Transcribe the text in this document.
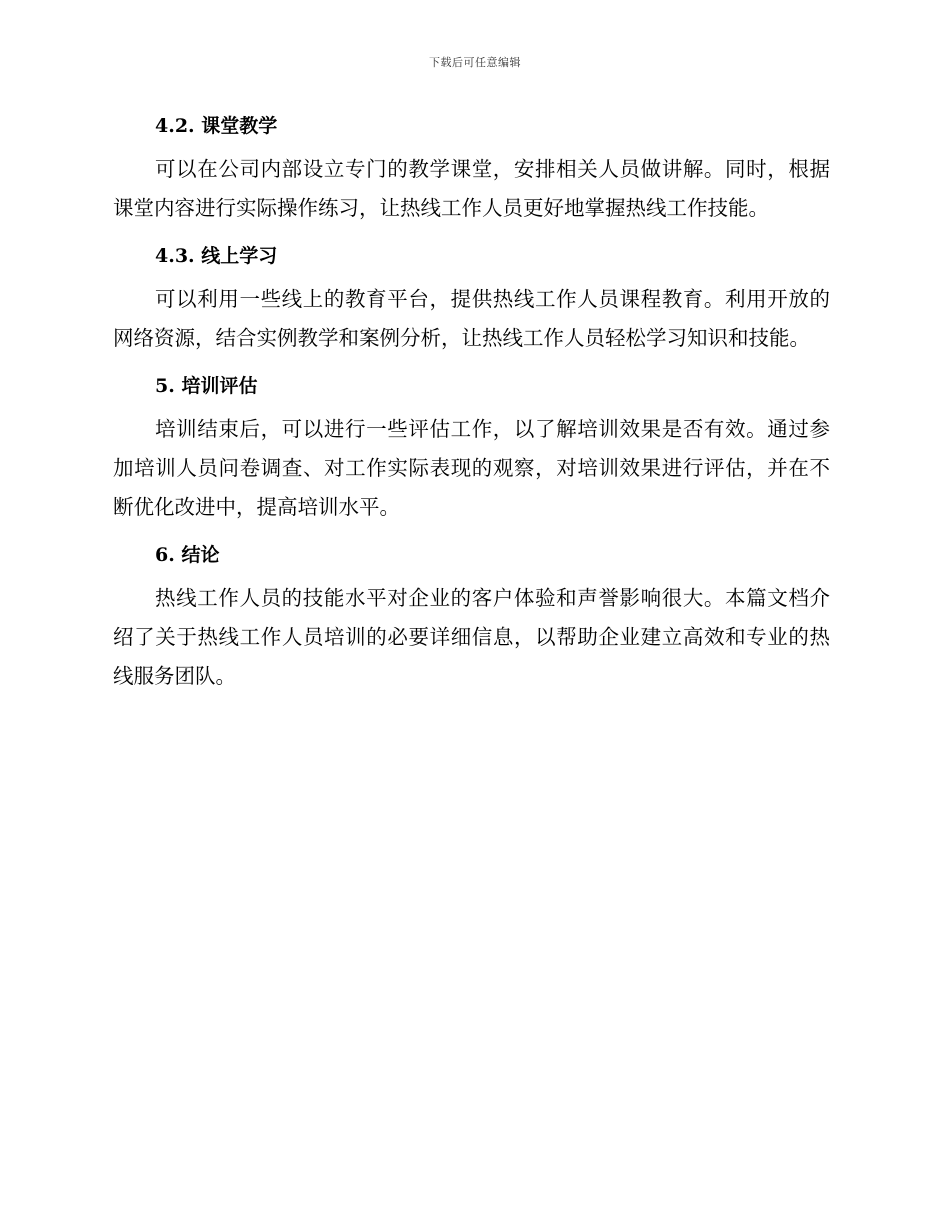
下载后可任意编辑
4.2. 课堂教学

可以在公司内部设立专门的教学课堂，安排相关人员做讲解。同时，根据课堂内容进行实际操作练习，让热线工作人员更好地掌握热线工作技能。

4.3. 线上学习

可以利用一些线上的教育平台，提供热线工作人员课程教育。利用开放的网络资源，结合实例教学和案例分析，让热线工作人员轻松学习知识和技能。

5. 培训评估

培训结束后，可以进行一些评估工作，以了解培训效果是否有效。通过参加培训人员问卷调查、对工作实际表现的观察，对培训效果进行评估，并在不断优化改进中，提高培训水平。

6. 结论

热线工作人员的技能水平对企业的客户体验和声誉影响很大。本篇文档介绍了关于热线工作人员培训的必要详细信息，以帮助企业建立高效和专业的热线服务团队。
